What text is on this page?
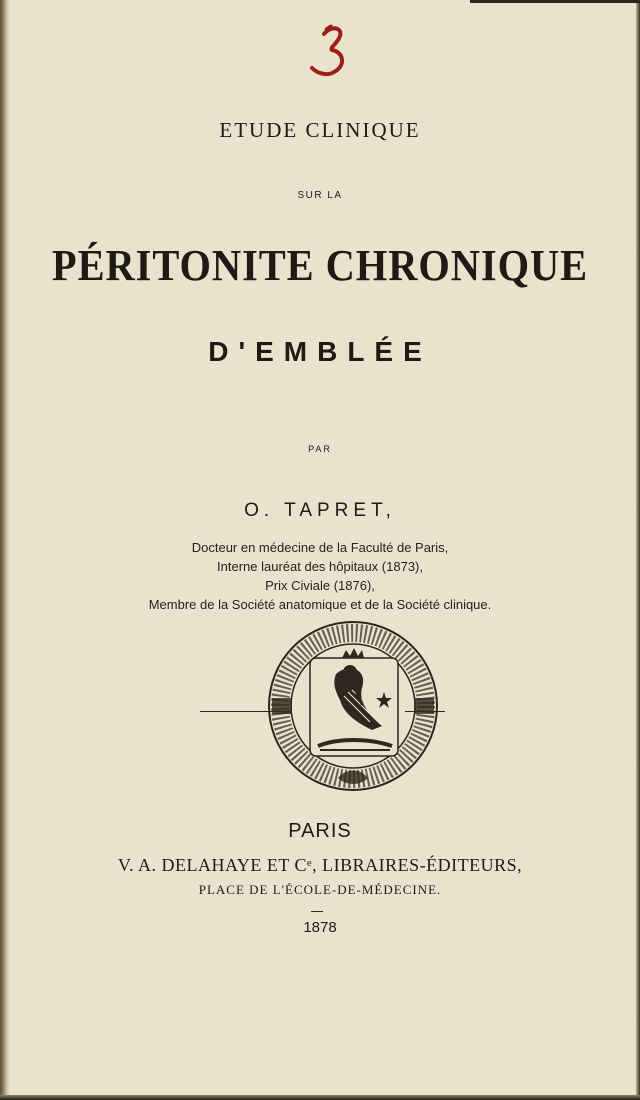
ETUDE CLINIQUE
SUR LA
PÉRITONITE CHRONIQUE
D'EMBLÉE
PAR
O. TAPRET,
Docteur en médecine de la Faculté de Paris,
Interne lauréat des hôpitaux (1873),
Prix Civiale (1876),
Membre de la Société anatomique et de la Société clinique.
PARIS
V. A. DELAHAYE ET Cᵉ, LIBRAIRES-ÉDITEURS,
PLACE DE L'ÉCOLE-DE-MÉDECINE.
1878
